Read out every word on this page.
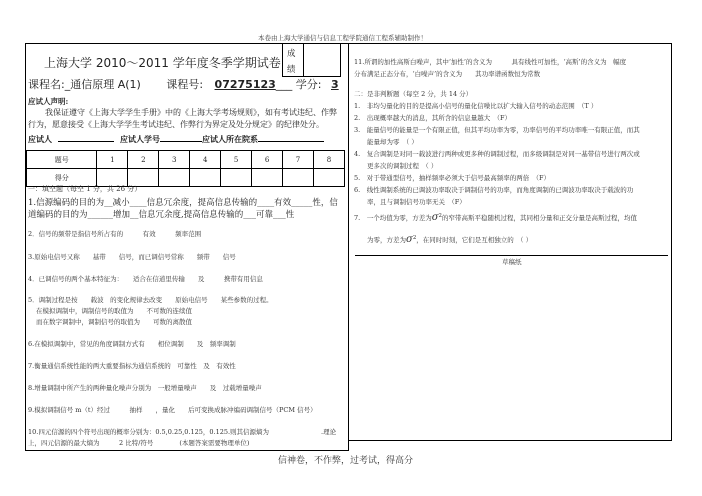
本卷由上海大学通信与信息工程学院通信工程系辅助制作！
成
绩
上海大学 2010～2011 学年度冬季学期试卷
课程名:_通信原理 A(1) 课程号: 07275123___ 学分: 3
应试人声明:
我保证遵守《上海大学学生手册》中的《上海大学考场规则》，如有考试违纪、作弊
行为，愿意接受《上海大学学生考试违纪、作弊行为界定及处分规定》的纪律处分。
应试人	应试人学号	应试人所在院系
题号	1	2	3	4	5	6	7	8
得分								
一：填空题（每空 1 分，共 26 分）
1.信源编码的目的为__减小____信息冗余度，提高信息传输的____有效_____性，信
道编码的目的为______增加__信息冗余度,提高信息传输的___可靠___性
2．信号的频带是指信号所占有的　　　有效　　　频率范围
3.原始电信号又称　　基带　　信号，而已调信号常称　　频带　　信号
4．已调信号的两个基本特征为：　　适合在信道里传输　　及　　　携带有用信息
5．调制过程是按　　载波　的变化规律去改变　　原始电信号　　某些参数的过程。
在模拟调制中，调制信号的取值为　　不可数的连续值
而在数字调制中，调制信号的取值为　　可数的离散值
6.在模拟调制中，常见的角度调制方式有　　相位调制　　及　频率调制
7.衡量通信系统性能的两大重要指标为通信系统的　可靠性　及　有效性
8.增量调制中所产生的两种量化噪声分别为　一般增量噪声　　及　过载增量噪声
9.模拟调制信号 m（t）经过　　　抽样　　，量化　　后可变换成脉冲编码调制信号（PCM 信号）
10.四元信源的四个符号出现的概率分别为：0.5,0.25,0.125，0.125.则其信源熵为　　　　　　　　.理论
上，四元信源的最大熵为　　　2 比特/符号　　　　(本题答案需要物理单位)
11.所谓的加性高斯白噪声，其中‘加性’的含义为　　　具有线性可加性，‘高斯’的含义为　幅度
分布满足正态分布，‘白噪声’的含义为　　其功率谱函数恒为常数
二：是非判断题（每空 2 分，共 14 分）
1.　非均匀量化的目的是提高小信号的量化信噪比以扩大输入信号的动态范围　（T ）
2.　出现概率越大的消息，其所含的信息量越大　（F）
3.　能量信号的能量是一个有限正值，但其平均功率为零，功率信号的平均功率唯一有限正值，而其
　　能量却为零　（ ）
4.　复合调制是对同一载波进行两种或更多种的调制过程，而多级调制是对同一基带信号进行两次或
　　更多次的调制过程　（ ）
5.　对于带通型信号，抽样频率必须大于信号最高频率的两倍　（F）
6.　线性调制系统的已调波功率取决于调制信号的功率，而角度调制的已调波功率取决于载波的功
　　率，且与调制信号功率无关　（F）
7.　一个均值为零，方差为$\sigma^2$的窄带高斯平稳随机过程，其同相分量和正交分量是高斯过程，均值
　　为零，方差为$\sigma^2$，在同时时刻，它们是互相独立的　（ ）
草稿纸
信神卷，不作弊，过考试，得高分
